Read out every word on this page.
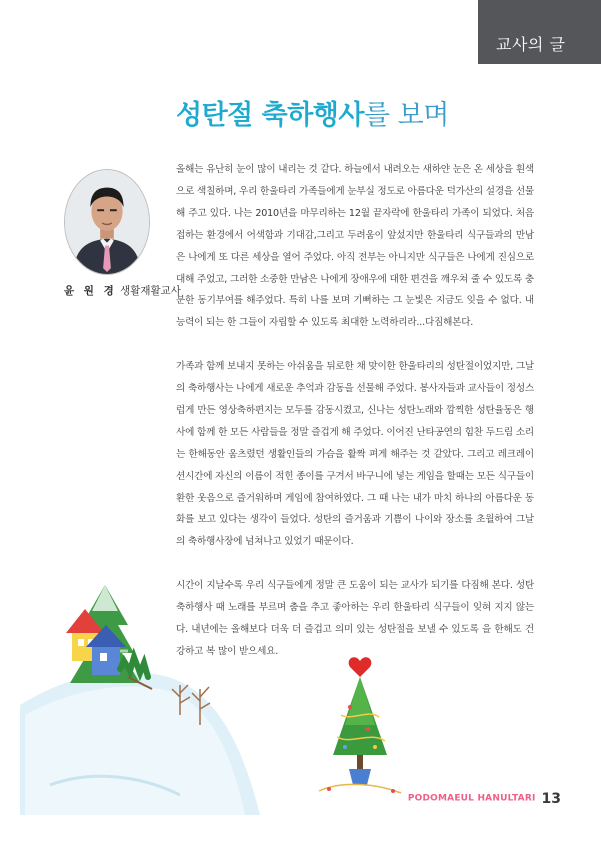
교사의 글
성탄절 축하행사를 보며
윤 원 경 생활재활교사

올해는 유난히 눈이 많이 내리는 것 같다. 하늘에서 내려오는 새하얀 눈은 온 세상을 흰색으로 색칠하며, 우리 한울타리 가족들에게 눈부실 정도로 아름다운 덕가산의 설경을 선물해 주고 있다. 나는 2010년을 마무리하는 12월 끝자락에 한울타리 가족이 되었다. 처음 접하는 환경에서 어색함과 기대감,그리고 두려움이 앞섰지만 한울타리 식구들과의 만남은 나에게 또 다른 세상을 열어 주었다. 아직 전부는 아니지만 식구들은 나에게 진심으로 대해 주었고, 그러한 소중한 만남은 나에게 장애우에 대한 편견을 깨우쳐 줄 수 있도록 충분한 동기부여를 해주었다. 특히 나를 보며 기뻐하는 그 눈빛은 지금도 잊을 수 없다. 내 능력이 되는 한 그들이 자립할 수 있도록 최대한 노력하리라...다짐해본다.

가족과 함께 보내지 못하는 아쉬움을 뒤로한 채 맞이한 한울타리의 성탄절이었지만, 그날의 축하행사는 나에게 새로운 추억과 감동을 선물해 주었다. 봉사자들과 교사들이 정성스럽게 만든 영상축하편지는 모두를 감동시켰고, 신나는 성탄노래와 깜찍한 성탄율동은 행사에 함께 한 모든 사람들을 정말 즐겁게 해 주었다. 이어진 난타공연의 힘찬 두드림 소리는 한해동안 움츠렸던 생활인들의 가슴을 활짝 펴게 해주는 것 같았다. 그리고 레크레이션시간에 자신의 이름이 적힌 종이를 구겨서 바구니에 넣는 게임을 할때는 모든 식구들이 환한 웃음으로 즐거워하며 게임에 참여하였다. 그 때 나는 내가 마치 하나의 아름다운 동화를 보고 있다는 생각이 들었다. 성탄의 즐거움과 기쁨이 나이와 장소를 초월하여 그날의 축하행사장에 넘쳐나고 있었기 때문이다.

시간이 지날수록 우리 식구들에게 정말 큰 도움이 되는 교사가 되기를 다짐해 본다. 성탄축하행사 때 노래를 부르며 춤을 추고 좋아하는 우리 한울타리 식구들이 잊혀 지지 않는다. 내년에는 올해보다 더욱 더 즐겁고 의미 있는 성탄절을 보낼 수 있도록 을 한해도 건강하고 복 많이 받으세요.

PODOMAEUL HANULTARI 13
